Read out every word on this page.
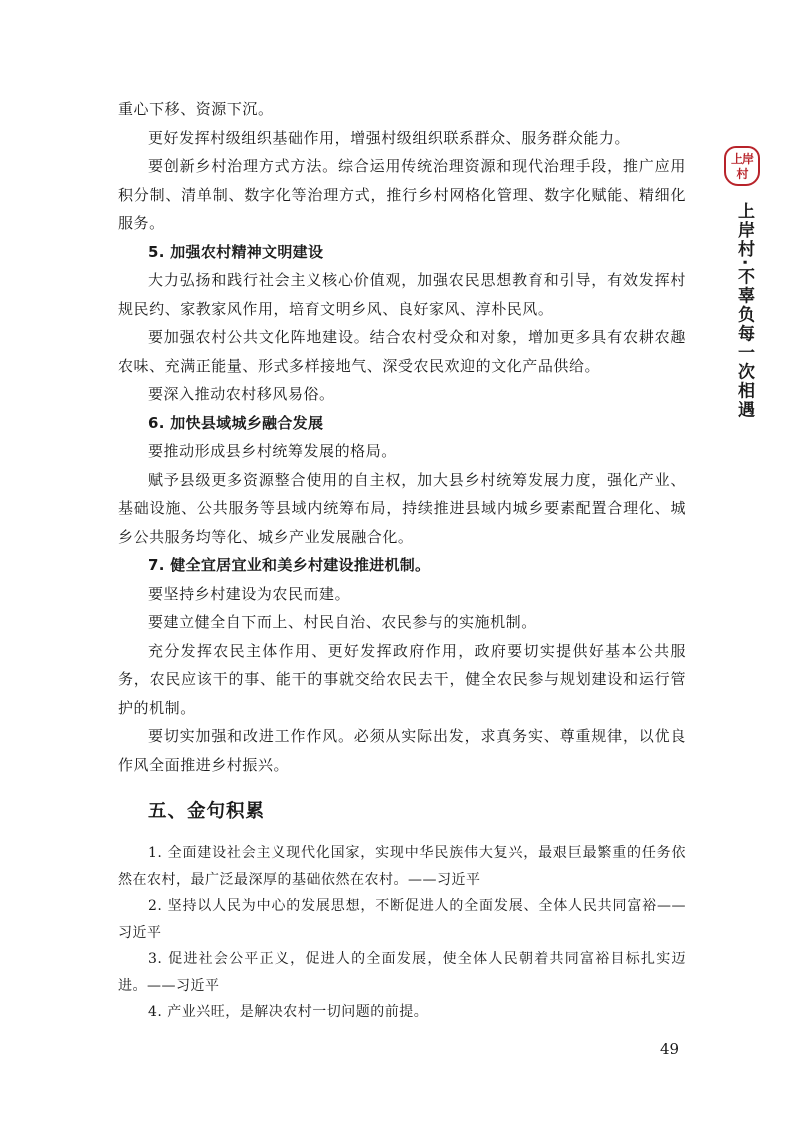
重心下移、资源下沉。

更好发挥村级组织基础作用，增强村级组织联系群众、服务群众能力。

要创新乡村治理方式方法。综合运用传统治理资源和现代治理手段，推广应用积分制、清单制、数字化等治理方式，推行乡村网格化管理、数字化赋能、精细化服务。

5. 加强农村精神文明建设

大力弘扬和践行社会主义核心价值观，加强农民思想教育和引导，有效发挥村规民约、家教家风作用，培育文明乡风、良好家风、淳朴民风。

要加强农村公共文化阵地建设。结合农村受众和对象，增加更多具有农耕农趣农味、充满正能量、形式多样接地气、深受农民欢迎的文化产品供给。

要深入推动农村移风易俗。

6. 加快县域城乡融合发展

要推动形成县乡村统筹发展的格局。

赋予县级更多资源整合使用的自主权，加大县乡村统筹发展力度，强化产业、基础设施、公共服务等县域内统筹布局，持续推进县域内城乡要素配置合理化、城乡公共服务均等化、城乡产业发展融合化。

7. 健全宜居宜业和美乡村建设推进机制。

要坚持乡村建设为农民而建。

要建立健全自下而上、村民自治、农民参与的实施机制。

充分发挥农民主体作用、更好发挥政府作用，政府要切实提供好基本公共服务，农民应该干的事、能干的事就交给农民去干，健全农民参与规划建设和运行管护的机制。

要切实加强和改进工作作风。必须从实际出发，求真务实、尊重规律，以优良作风全面推进乡村振兴。

五、金句积累

1. 全面建设社会主义现代化国家，实现中华民族伟大复兴，最艰巨最繁重的任务依然在农村，最广泛最深厚的基础依然在农村。——习近平

2. 坚持以人民为中心的发展思想，不断促进人的全面发展、全体人民共同富裕——习近平

3. 促进社会公平正义，促进人的全面发展，使全体人民朝着共同富裕目标扎实迈进。——习近平

4. 产业兴旺，是解决农村一切问题的前提。

上岸村
上岸村·不辜负每一次相遇
49
